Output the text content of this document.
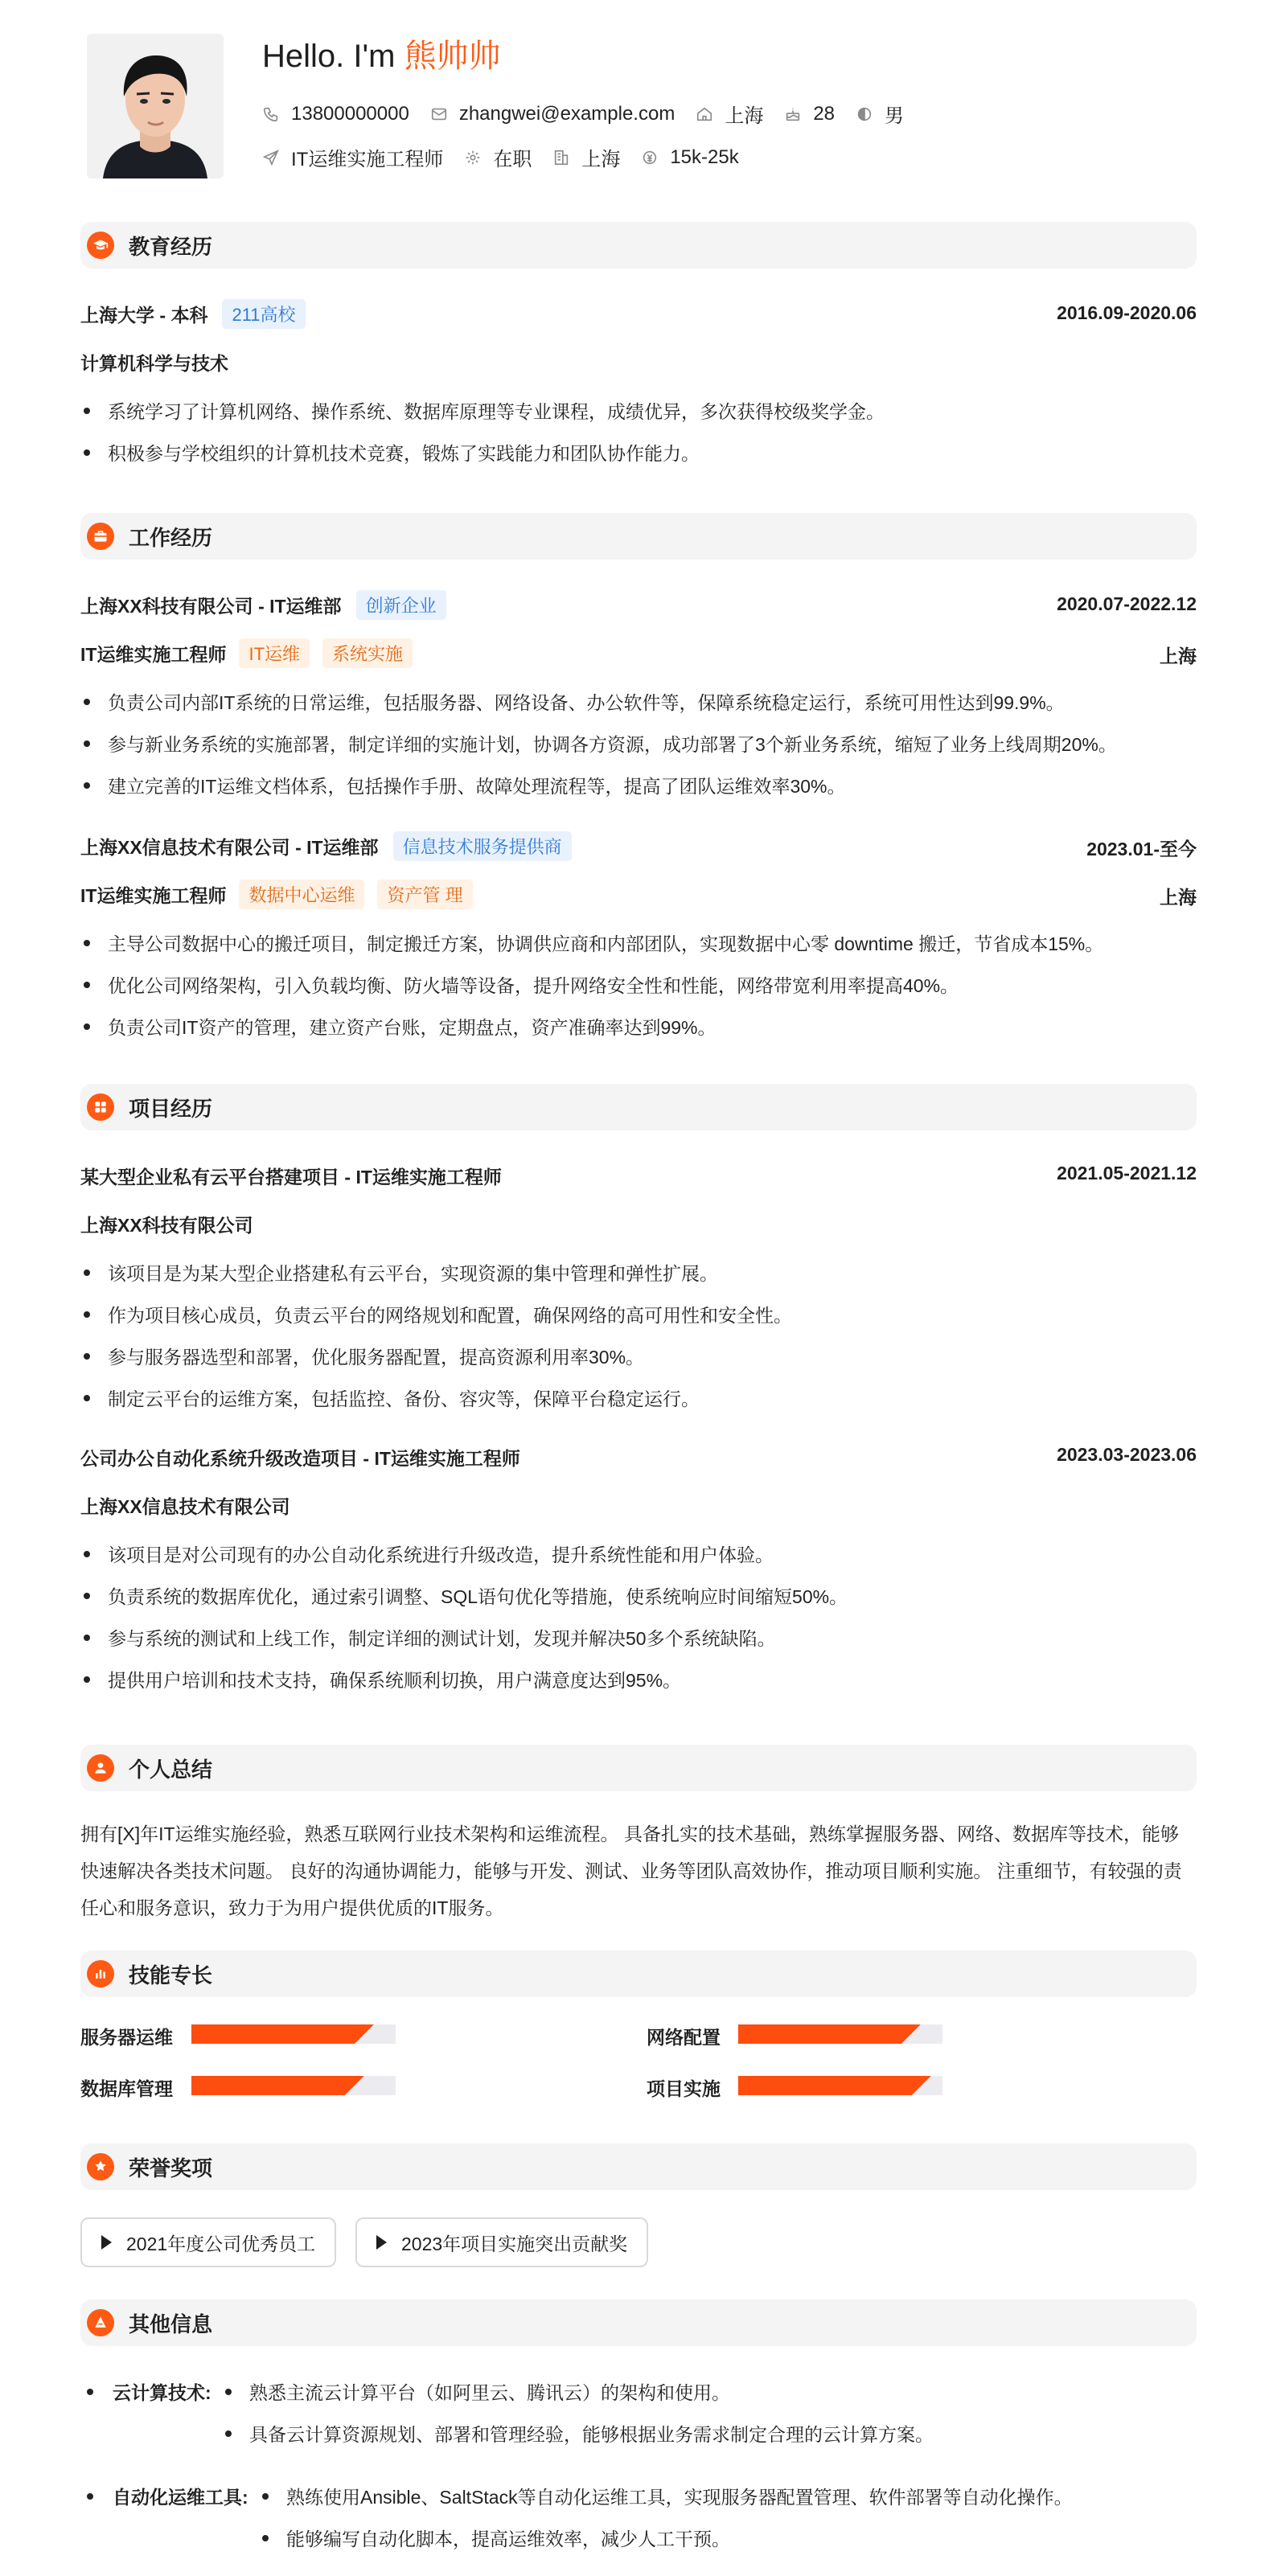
Hello. I'm 熊帅帅
13800000000	zhangwei@example.com	上海	28	男
IT运维实施工程师	在职	上海	15k-25k
教育经历
上海大学 - 本科	211高校	2016.09-2020.06
计算机科学与技术
系统学习了计算机网络、操作系统、数据库原理等专业课程，成绩优异，多次获得校级奖学金。
积极参与学校组织的计算机技术竞赛，锻炼了实践能力和团队协作能力。
工作经历
上海XX科技有限公司 - IT运维部	创新企业	2020.07-2022.12
IT运维实施工程师	IT运维	系统实施	上海
负责公司内部IT系统的日常运维，包括服务器、网络设备、办公软件等，保障系统稳定运行，系统可用性达到99.9%。
参与新业务系统的实施部署，制定详细的实施计划，协调各方资源，成功部署了3个新业务系统，缩短了业务上线周期20%。
建立完善的IT运维文档体系，包括操作手册、故障处理流程等，提高了团队运维效率30%。
上海XX信息技术有限公司 - IT运维部	信息技术服务提供商	2023.01-至今
IT运维实施工程师	数据中心运维	资产管 理	上海
主导公司数据中心的搬迁项目，制定搬迁方案，协调供应商和内部团队，实现数据中心零 downtime 搬迁，节省成本15%。
优化公司网络架构，引入负载均衡、防火墙等设备，提升网络安全性和性能，网络带宽利用率提高40%。
负责公司IT资产的管理，建立资产台账，定期盘点，资产准确率达到99%。
项目经历
某大型企业私有云平台搭建项目 - IT运维实施工程师	2021.05-2021.12
上海XX科技有限公司
该项目是为某大型企业搭建私有云平台，实现资源的集中管理和弹性扩展。
作为项目核心成员，负责云平台的网络规划和配置，确保网络的高可用性和安全性。
参与服务器选型和部署，优化服务器配置，提高资源利用率30%。
制定云平台的运维方案，包括监控、备份、容灾等，保障平台稳定运行。
公司办公自动化系统升级改造项目 - IT运维实施工程师	2023.03-2023.06
上海XX信息技术有限公司
该项目是对公司现有的办公自动化系统进行升级改造，提升系统性能和用户体验。
负责系统的数据库优化，通过索引调整、SQL语句优化等措施，使系统响应时间缩短50%。
参与系统的测试和上线工作，制定详细的测试计划，发现并解决50多个系统缺陷。
提供用户培训和技术支持，确保系统顺利切换，用户满意度达到95%。
个人总结
拥有[X]年IT运维实施经验，熟悉互联网行业技术架构和运维流程。 具备扎实的技术基础，熟练掌握服务器、网络、数据库等技术，能够快速解决各类技术问题。 良好的沟通协调能力，能够与开发、测试、业务等团队高效协作，推动项目顺利实施。 注重细节，有较强的责任心和服务意识，致力于为用户提供优质的IT服务。
技能专长
服务器运维	网络配置
数据库管理	项目实施
荣誉奖项
2021年度公司优秀员工	2023年项目实施突出贡献奖
其他信息
云计算技术:	熟悉主流云计算平台（如阿里云、腾讯云）的架构和使用。
具备云计算资源规划、部署和管理经验，能够根据业务需求制定合理的云计算方案。
自动化运维工具:	熟练使用Ansible、SaltStack等自动化运维工具，实现服务器配置管理、软件部署等自动化操作。
能够编写自动化脚本，提高运维效率，减少人工干预。
